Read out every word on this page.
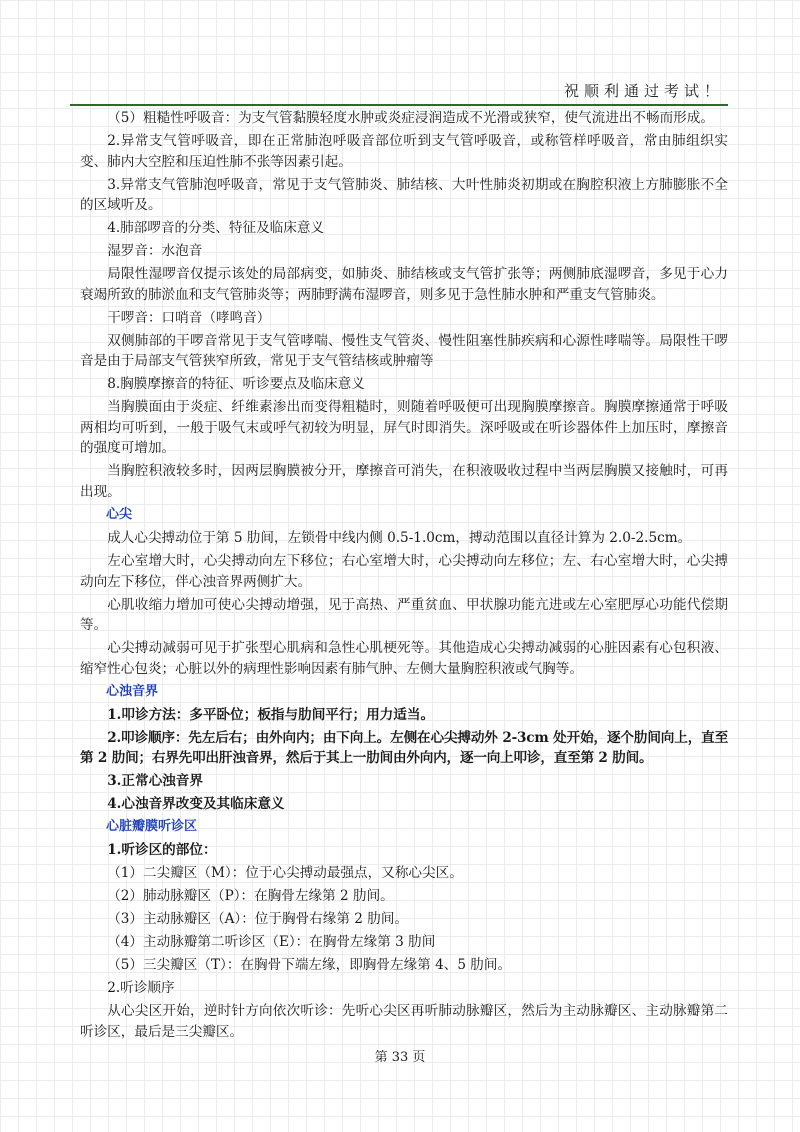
祝顺利通过考试！

（5）粗糙性呼吸音：为支气管黏膜轻度水肿或炎症浸润造成不光滑或狭窄，使气流进出不畅而形成。

2.异常支气管呼吸音，即在正常肺泡呼吸音部位听到支气管呼吸音，或称管样呼吸音，常由肺组织实变、肺内大空腔和压迫性肺不张等因素引起。

3.异常支气管肺泡呼吸音，常见于支气管肺炎、肺结核、大叶性肺炎初期或在胸腔积液上方肺膨胀不全的区域听及。

4.肺部啰音的分类、特征及临床意义

湿罗音：水泡音

局限性湿啰音仅提示该处的局部病变，如肺炎、肺结核或支气管扩张等；两侧肺底湿啰音，多见于心力衰竭所致的肺淤血和支气管肺炎等；两肺野满布湿啰音，则多见于急性肺水肿和严重支气管肺炎。

干啰音：口哨音（哮鸣音）

双侧肺部的干啰音常见于支气管哮喘、慢性支气管炎、慢性阻塞性肺疾病和心源性哮喘等。局限性干啰音是由于局部支气管狭窄所致，常见于支气管结核或肿瘤等

8.胸膜摩擦音的特征、听诊要点及临床意义

当胸膜面由于炎症、纤维素渗出而变得粗糙时，则随着呼吸便可出现胸膜摩擦音。胸膜摩擦通常于呼吸两相均可听到，一般于吸气末或呼气初较为明显，屏气时即消失。深呼吸或在听诊器体件上加压时，摩擦音的强度可增加。

当胸腔积液较多时，因两层胸膜被分开，摩擦音可消失，在积液吸收过程中当两层胸膜又接触时，可再出现。

心尖

成人心尖搏动位于第 5 肋间，左锁骨中线内侧 0.5-1.0cm，搏动范围以直径计算为 2.0-2.5cm。

左心室增大时，心尖搏动向左下移位；右心室增大时，心尖搏动向左移位；左、右心室增大时，心尖搏动向左下移位，伴心浊音界两侧扩大。

心肌收缩力增加可使心尖搏动增强，见于高热、严重贫血、甲状腺功能亢进或左心室肥厚心功能代偿期等。

心尖搏动减弱可见于扩张型心肌病和急性心肌梗死等。其他造成心尖搏动减弱的心脏因素有心包积液、缩窄性心包炎；心脏以外的病理性影响因素有肺气肿、左侧大量胸腔积液或气胸等。

心浊音界

1.叩诊方法：多平卧位；板指与肋间平行；用力适当。

2.叩诊顺序：先左后右；由外向内；由下向上。左侧在心尖搏动外 2-3cm 处开始，逐个肋间向上，直至第 2 肋间；右界先叩出肝浊音界，然后于其上一肋间由外向内，逐一向上叩诊，直至第 2 肋间。

3.正常心浊音界

4.心浊音界改变及其临床意义

心脏瓣膜听诊区

1.听诊区的部位：

（1）二尖瓣区（M）：位于心尖搏动最强点，又称心尖区。

（2）肺动脉瓣区（P）：在胸骨左缘第 2 肋间。

（3）主动脉瓣区（A）：位于胸骨右缘第 2 肋间。

（4）主动脉瓣第二听诊区（E）：在胸骨左缘第 3 肋间

（5）三尖瓣区（T）：在胸骨下端左缘，即胸骨左缘第 4、5 肋间。

2.听诊顺序

从心尖区开始，逆时针方向依次听诊：先听心尖区再听肺动脉瓣区，然后为主动脉瓣区、主动脉瓣第二听诊区，最后是三尖瓣区。

第 33 页
